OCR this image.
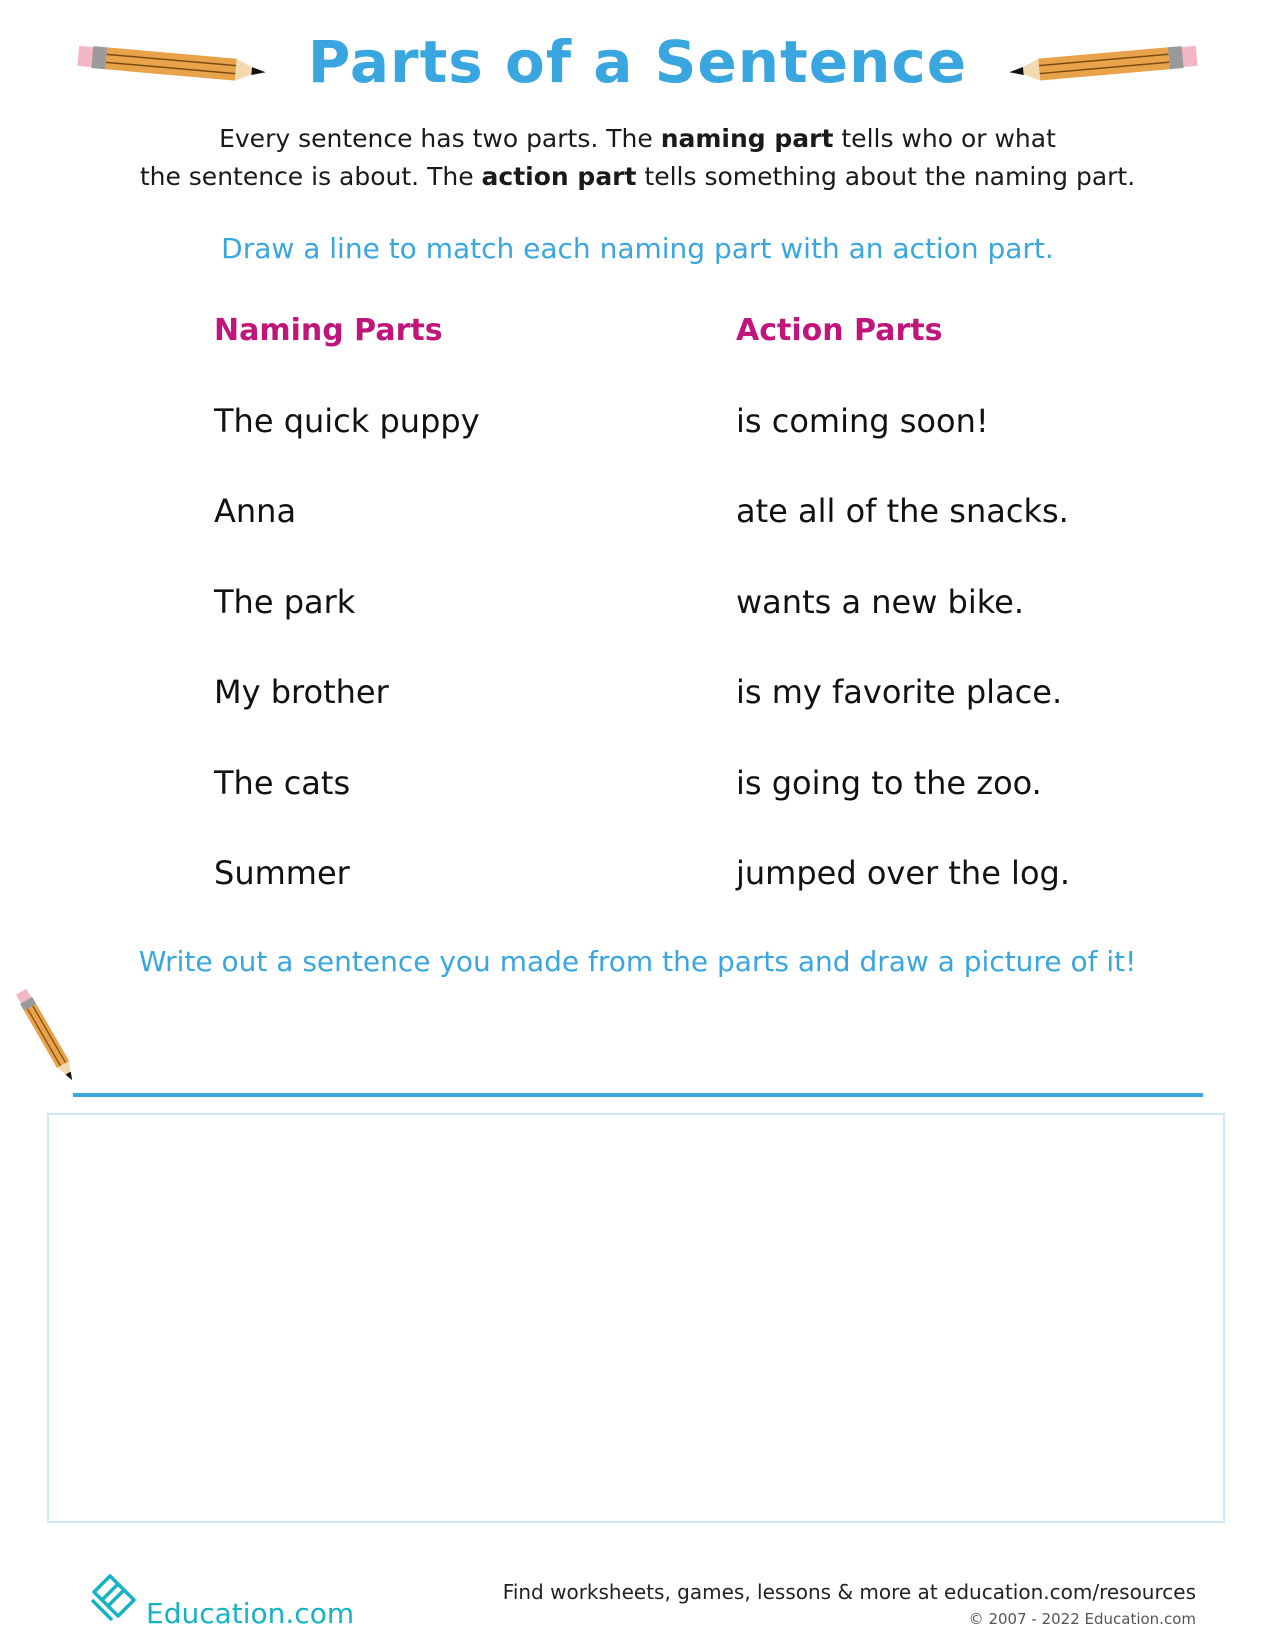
Parts of a Sentence
Every sentence has two parts. The naming part tells who or what
the sentence is about. The action part tells something about the naming part.
Draw a line to match each naming part with an action part.
Naming Parts	Action Parts
The quick puppy
Anna
The park
My brother
The cats
Summer
is coming soon!
ate all of the snacks.
wants a new bike.
is my favorite place.
is going to the zoo.
jumped over the log.
Write out a sentence you made from the parts and draw a picture of it!
Education.com
Find worksheets, games, lessons & more at education.com/resources
© 2007 - 2022 Education.com
